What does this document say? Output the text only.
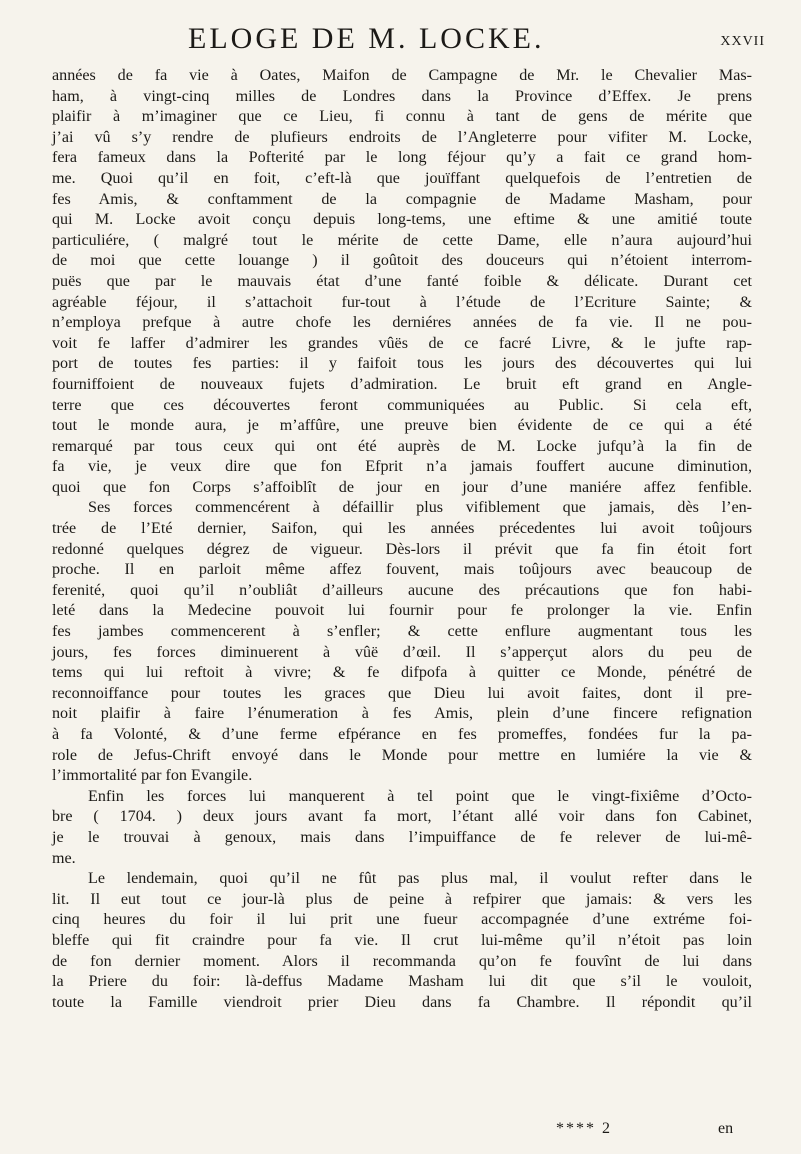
ELOGE DE M. LOCKE.	XXVII
années de fa vie à Oates, Maifon de Campagne de Mr. le Chevalier Mas-
ham, à vingt-cinq milles de Londres dans la Province d’Effex. Je prens
plaifir à m’imaginer que ce Lieu, fi connu à tant de gens de mérite que
j’ai vû s’y rendre de plufieurs endroits de l’Angleterre pour vifiter M. Locke,
fera fameux dans la Pofterité par le long féjour qu’y a fait ce grand hom-
me. Quoi qu’il en foit, c’eft-là que jouïffant quelquefois de l’entretien de
fes Amis, & conftamment de la compagnie de Madame Masham, pour
qui M. Locke avoit conçu depuis long-tems, une eftime & une amitié toute
particuliére, ( malgré tout le mérite de cette Dame, elle n’aura aujourd’hui
de moi que cette louange ) il goûtoit des douceurs qui n’étoient interrom-
puës que par le mauvais état d’une fanté foible & délicate. Durant cet
agréable féjour, il s’attachoit fur-tout à l’étude de l’Ecriture Sainte; &
n’employa prefque à autre chofe les derniéres années de fa vie. Il ne pou-
voit fe laffer d’admirer les grandes vûës de ce facré Livre, & le jufte rap-
port de toutes fes parties: il y faifoit tous les jours des découvertes qui lui
fourniffoient de nouveaux fujets d’admiration. Le bruit eft grand en Angle-
terre que ces découvertes feront communiquées au Public. Si cela eft,
tout le monde aura, je m’affûre, une preuve bien évidente de ce qui a été
remarqué par tous ceux qui ont été auprès de M. Locke jufqu’à la fin de
fa vie, je veux dire que fon Efprit n’a jamais fouffert aucune diminution,
quoi que fon Corps s’affoiblît de jour en jour d’une maniére affez fenfible.
Ses forces commencérent à défaillir plus vifiblement que jamais, dès l’en-
trée de l’Eté dernier, Saifon, qui les années précedentes lui avoit toûjours
redonné quelques dégrez de vigueur. Dès-lors il prévit que fa fin étoit fort
proche. Il en parloit même affez fouvent, mais toûjours avec beaucoup de
ferenité, quoi qu’il n’oubliât d’ailleurs aucune des précautions que fon habi-
leté dans la Medecine pouvoit lui fournir pour fe prolonger la vie. Enfin
fes jambes commencerent à s’enfler; & cette enflure augmentant tous les
jours, fes forces diminuerent à vûë d’œil. Il s’apperçut alors du peu de
tems qui lui reftoit à vivre; & fe difpofa à quitter ce Monde, pénétré de
reconnoiffance pour toutes les graces que Dieu lui avoit faites, dont il pre-
noit plaifir à faire l’énumeration à fes Amis, plein d’une fincere refignation
à fa Volonté, & d’une ferme efpérance en fes promeffes, fondées fur la pa-
role de Jefus-Chrift envoyé dans le Monde pour mettre en lumiére la vie &
l’immortalité par fon Evangile.
Enfin les forces lui manquerent à tel point que le vingt-fixiême d’Octo-
bre ( 1704. ) deux jours avant fa mort, l’étant allé voir dans fon Cabinet,
je le trouvai à genoux, mais dans l’impuiffance de fe relever de lui-mê-
me.
Le lendemain, quoi qu’il ne fût pas plus mal, il voulut refter dans le
lit. Il eut tout ce jour-là plus de peine à refpirer que jamais: & vers les
cinq heures du foir il lui prit une fueur accompagnée d’une extréme foi-
bleffe qui fit craindre pour fa vie. Il crut lui-même qu’il n’étoit pas loin
de fon dernier moment. Alors il recommanda qu’on fe fouvînt de lui dans
la Priere du foir: là-deffus Madame Masham lui dit que s’il le vouloit,
toute la Famille viendroit prier Dieu dans fa Chambre. Il répondit qu’il
**** 2	en
